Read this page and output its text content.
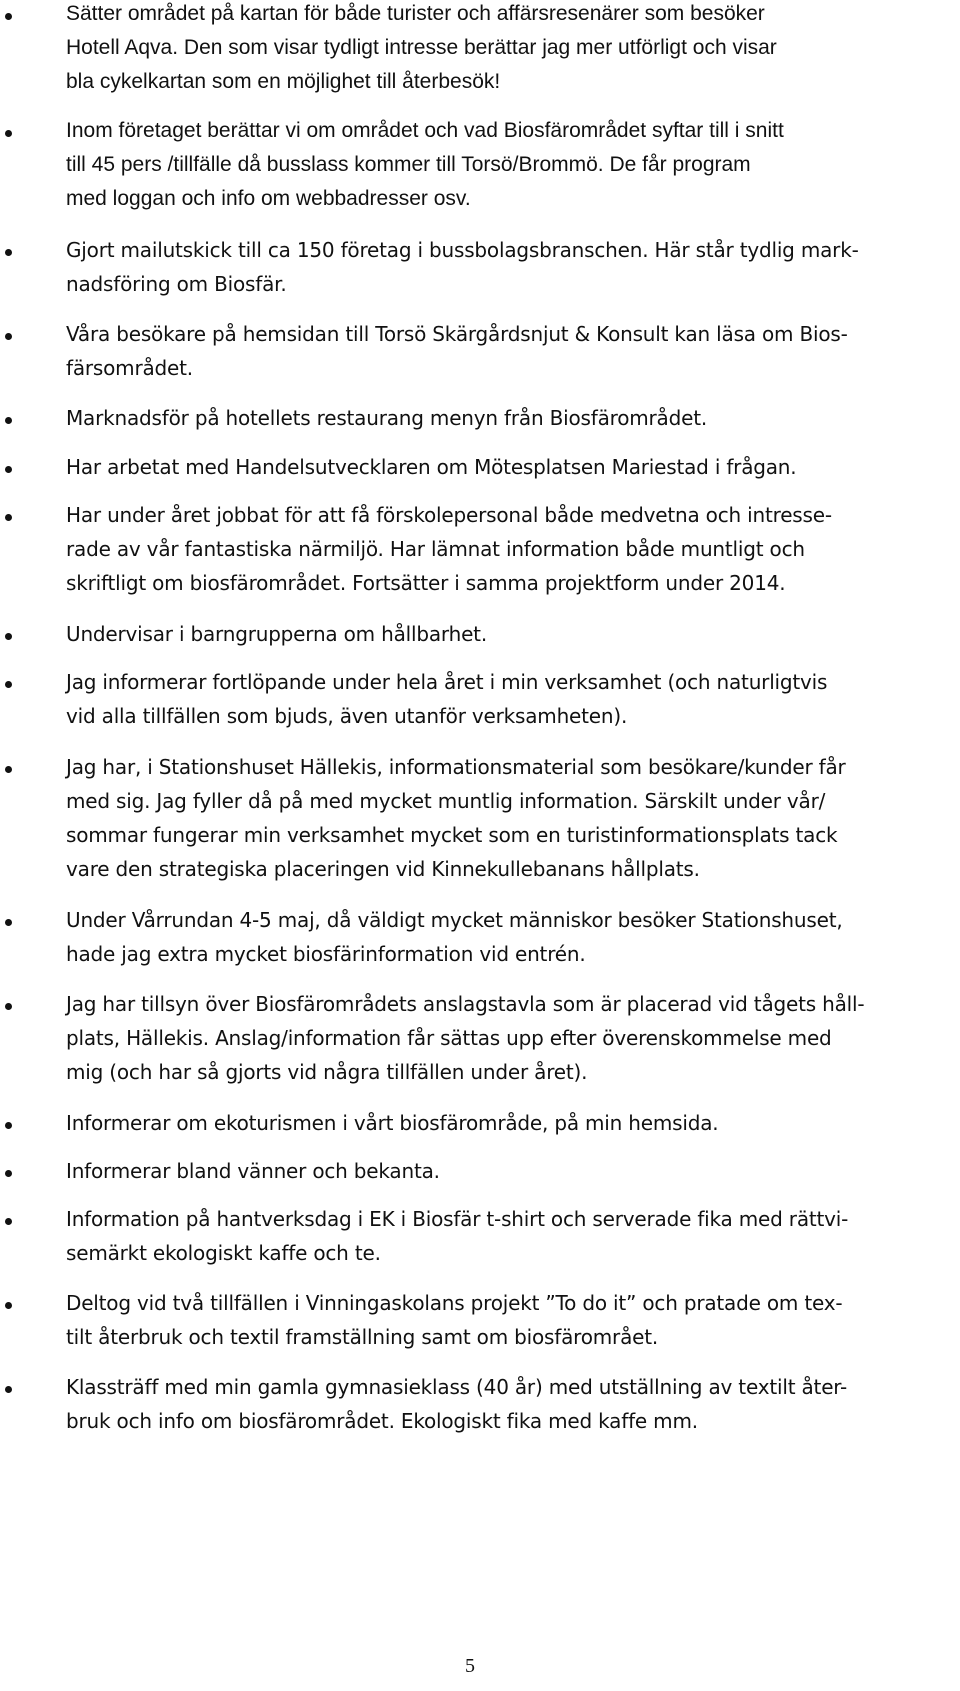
Sätter området på kartan för både turister och affärsresenärer som besöker
Hotell Aqva. Den som visar tydligt intresse berättar jag mer utförligt och visar
bla cykelkartan som en möjlighet till återbesök!

Inom företaget berättar vi om området och vad Biosfärområdet syftar till i snitt
till 45 pers /tillfälle då busslass kommer till Torsö/Brommö. De får program
med loggan och info om webbadresser osv.

Gjort mailutskick till ca 150 företag i bussbolagsbranschen. Här står tydlig mark-
nadsföring om Biosfär.

Våra besökare på hemsidan till Torsö Skärgårdsnjut & Konsult kan läsa om Bios-
färsområdet.

Marknadsför på hotellets restaurang menyn från Biosfärområdet.

Har arbetat med Handelsutvecklaren om Mötesplatsen Mariestad i frågan.

Har under året jobbat för att få förskolepersonal både medvetna och intresse-
rade av vår fantastiska närmiljö. Har lämnat information både muntligt och
skriftligt om biosfärområdet. Fortsätter i samma projektform under 2014.

Undervisar i barngrupperna om hållbarhet.

Jag informerar fortlöpande under hela året i min verksamhet (och naturligtvis
vid alla tillfällen som bjuds, även utanför verksamheten).

Jag har, i Stationshuset Hällekis, informationsmaterial som besökare/kunder får
med sig. Jag fyller då på med mycket muntlig information. Särskilt under vår/
sommar fungerar min verksamhet mycket som en turistinformationsplats tack
vare den strategiska placeringen vid Kinnekullebanans hållplats.

Under Vårrundan 4-5 maj, då väldigt mycket människor besöker Stationshuset,
hade jag extra mycket biosfärinformation vid entrén.

Jag har tillsyn över Biosfärområdets anslagstavla som är placerad vid tågets håll-
plats, Hällekis. Anslag/information får sättas upp efter överenskommelse med
mig (och har så gjorts vid några tillfällen under året).

Informerar om ekoturismen i vårt biosfärområde, på min hemsida.

Informerar bland vänner och bekanta.

Information på hantverksdag i EK i Biosfär t-shirt och serverade fika med rättvi-
semärkt ekologiskt kaffe och te.

Deltog vid två tillfällen i Vinningaskolans projekt ”To do it” och pratade om tex-
tilt återbruk och textil framställning samt om biosfärområet.

Klassträff med min gamla gymnasieklass (40 år) med utställning av textilt åter-
bruk och info om biosfärområdet. Ekologiskt fika med kaffe mm.

5
